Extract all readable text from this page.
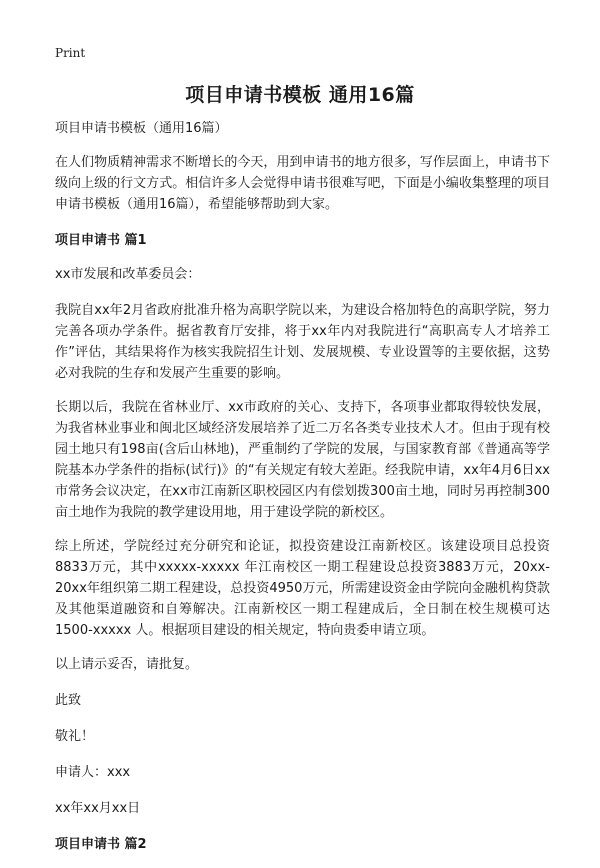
Print
项目申请书模板 通用16篇

项目申请书模板（通用16篇）

在人们物质精神需求不断增长的今天，用到申请书的地方很多，写作层面上，申请书下级向上级的行文方式。相信许多人会觉得申请书很难写吧，下面是小编收集整理的项目申请书模板（通用16篇），希望能够帮助到大家。

项目申请书 篇1

xx市发展和改革委员会：

我院自xx年2月省政府批准升格为高职学院以来，为建设合格加特色的高职学院，努力完善各项办学条件。据省教育厅安排，将于xx年内对我院进行“高职高专人才培养工作”评估，其结果将作为核实我院招生计划、发展规模、专业设置等的主要依据，这势必对我院的生存和发展产生重要的影响。

长期以后，我院在省林业厅、xx市政府的关心、支持下，各项事业都取得较快发展，为我省林业事业和闽北区域经济发展培养了近二万名各类专业技术人才。但由于现有校园土地只有198亩(含后山林地)，严重制约了学院的发展，与国家教育部《普通高等学院基本办学条件的指标(试行)》的“有关规定有较大差距。经我院申请，xx年4月6日xx市常务会议决定，在xx市江南新区职校园区内有偿划拨300亩土地，同时另再控制300亩土地作为我院的教学建设用地，用于建设学院的新校区。

综上所述，学院经过充分研究和论证，拟投资建设江南新校区。该建设项目总投资8833万元，其中xxxxx-xxxxx 年江南校区一期工程建设总投资3883万元，20xx-20xx年组织第二期工程建设，总投资4950万元，所需建设资金由学院向金融机构贷款及其他渠道融资和自筹解决。江南新校区一期工程建成后，全日制在校生规模可达1500-xxxxx 人。根据项目建设的相关规定，特向贵委申请立项。

以上请示妥否，请批复。

此致

敬礼！

申请人：xxx

xx年xx月xx日

项目申请书 篇2
